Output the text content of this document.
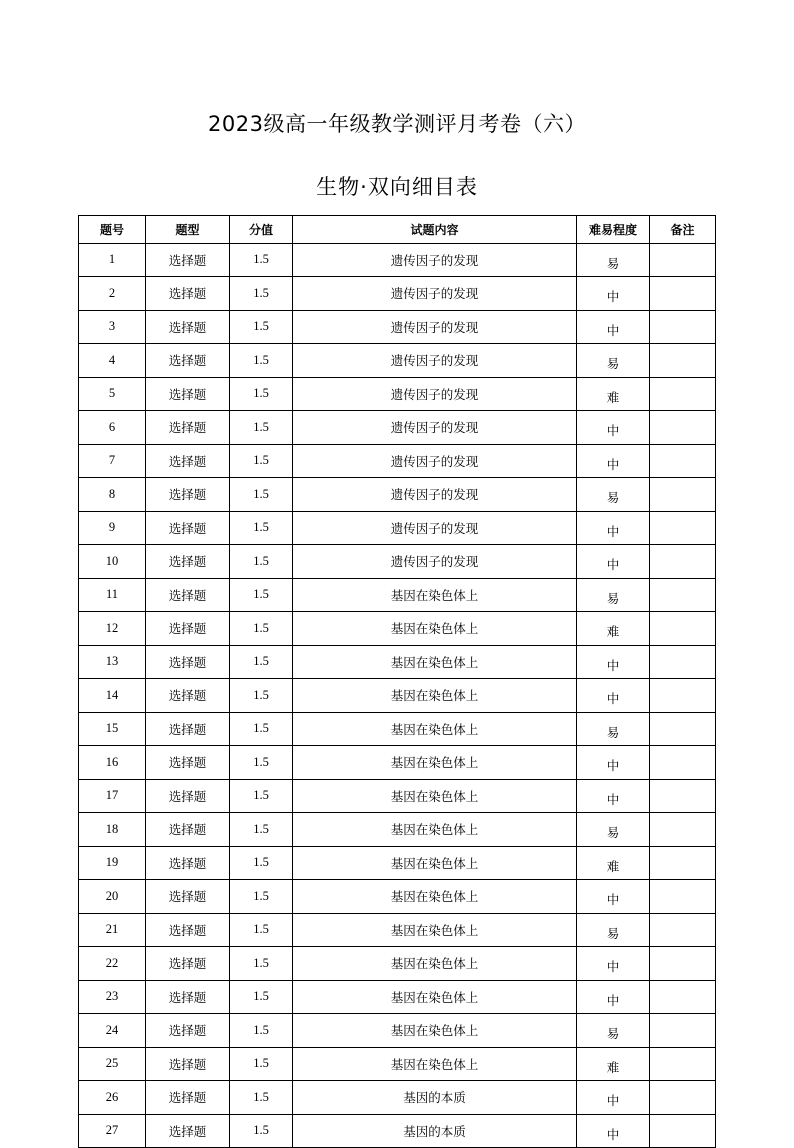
2023级高一年级教学测评月考卷（六）
生物·双向细目表
题号	题型	分值	试题内容	难易程度	备注
1	选择题	1.5	遗传因子的发现	易	
2	选择题	1.5	遗传因子的发现	中	
3	选择题	1.5	遗传因子的发现	中	
4	选择题	1.5	遗传因子的发现	易	
5	选择题	1.5	遗传因子的发现	难	
6	选择题	1.5	遗传因子的发现	中	
7	选择题	1.5	遗传因子的发现	中	
8	选择题	1.5	遗传因子的发现	易	
9	选择题	1.5	遗传因子的发现	中	
10	选择题	1.5	遗传因子的发现	中	
11	选择题	1.5	基因在染色体上	易	
12	选择题	1.5	基因在染色体上	难	
13	选择题	1.5	基因在染色体上	中	
14	选择题	1.5	基因在染色体上	中	
15	选择题	1.5	基因在染色体上	易	
16	选择题	1.5	基因在染色体上	中	
17	选择题	1.5	基因在染色体上	中	
18	选择题	1.5	基因在染色体上	易	
19	选择题	1.5	基因在染色体上	难	
20	选择题	1.5	基因在染色体上	中	
21	选择题	1.5	基因在染色体上	易	
22	选择题	1.5	基因在染色体上	中	
23	选择题	1.5	基因在染色体上	中	
24	选择题	1.5	基因在染色体上	易	
25	选择题	1.5	基因在染色体上	难	
26	选择题	1.5	基因的本质	中	
27	选择题	1.5	基因的本质	中	
